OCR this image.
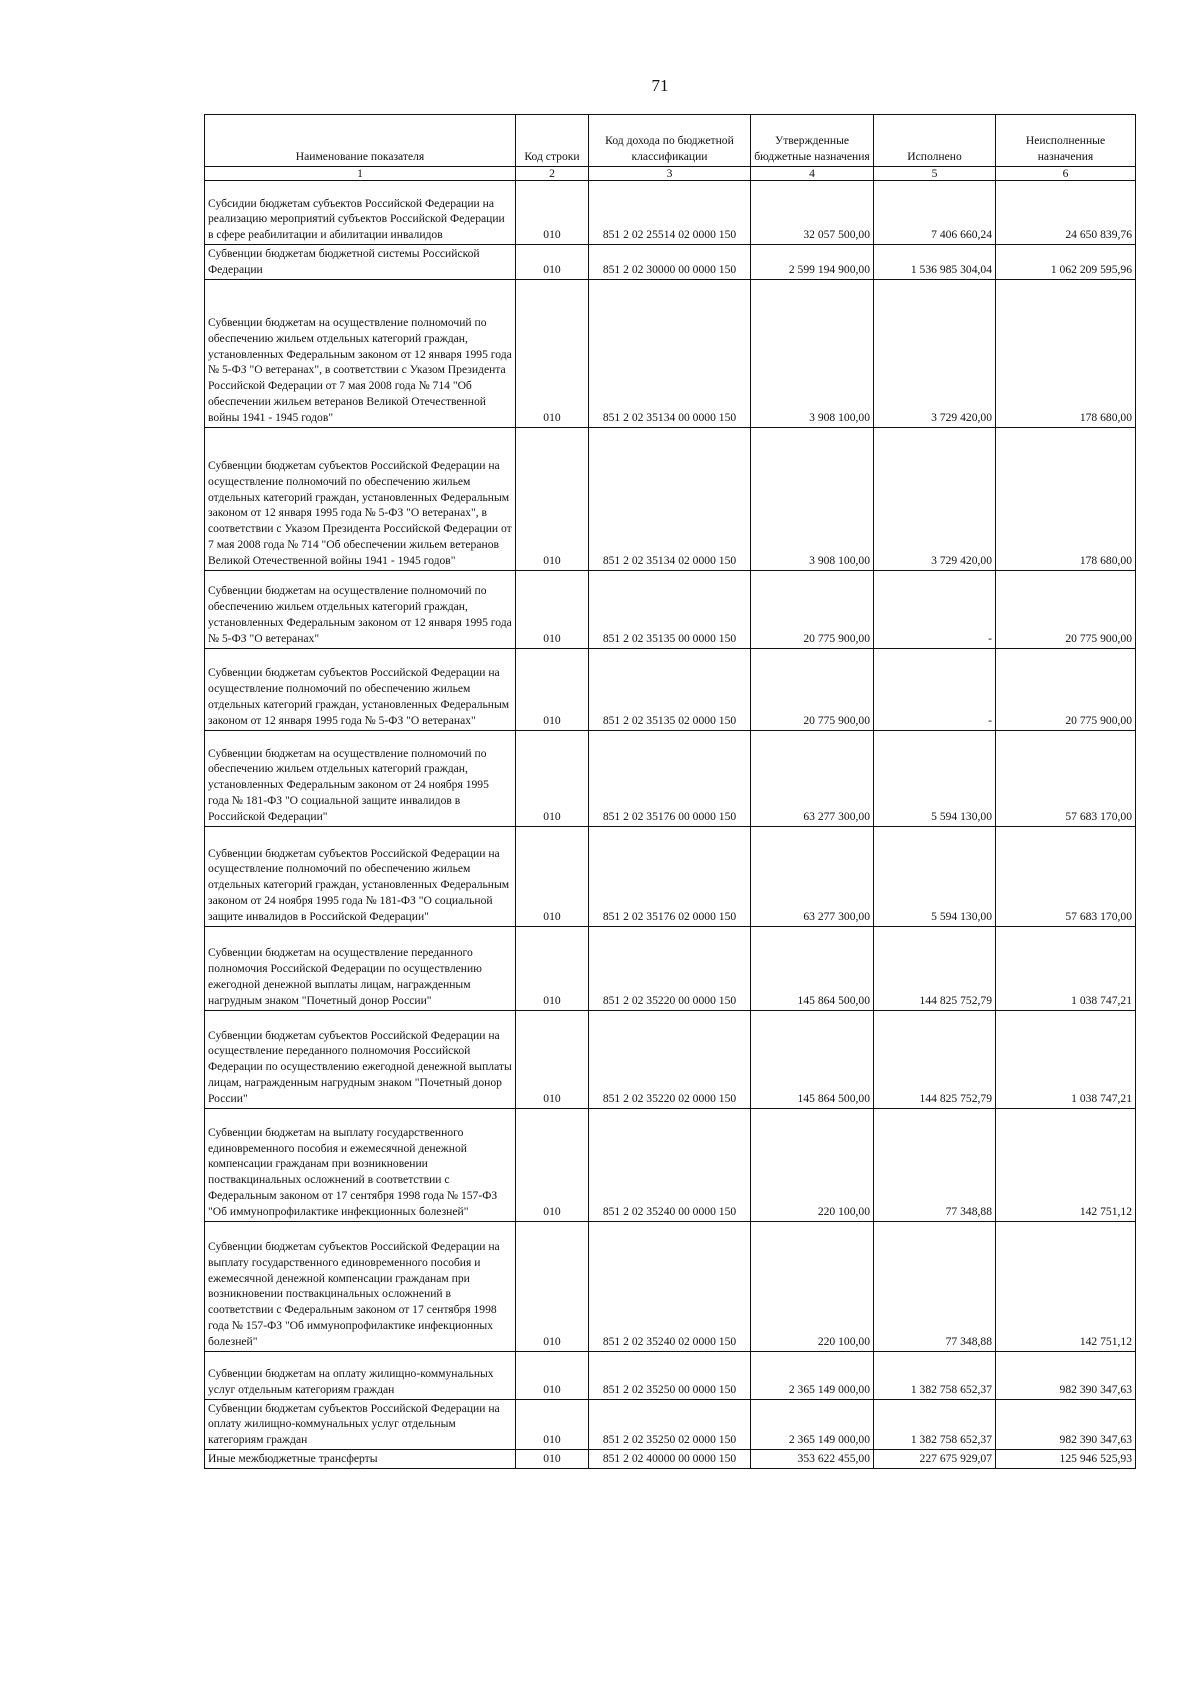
71
Наименование показателя	Код строки	Код дохода по бюджетной классификации	Утвержденные бюджетные назначения	Исполнено	Неисполненные назначения
1	2	3	4	5	6
Субсидии бюджетам субъектов Российской Федерации на реализацию мероприятий субъектов Российской Федерации в сфере реабилитации и абилитации инвалидов	010	851 2 02 25514 02 0000 150	32 057 500,00	7 406 660,24	24 650 839,76
Субвенции бюджетам бюджетной системы Российской Федерации	010	851 2 02 30000 00 0000 150	2 599 194 900,00	1 536 985 304,04	1 062 209 595,96
Субвенции бюджетам на осуществление полномочий по обеспечению жильем отдельных категорий граждан, установленных Федеральным законом от 12 января 1995 года № 5-ФЗ "О ветеранах", в соответствии с Указом Президента Российской Федерации от 7 мая 2008 года № 714 "Об обеспечении жильем ветеранов Великой Отечественной войны 1941 - 1945 годов"	010	851 2 02 35134 00 0000 150	3 908 100,00	3 729 420,00	178 680,00
Субвенции бюджетам субъектов Российской Федерации на осуществление полномочий по обеспечению жильем отдельных категорий граждан, установленных Федеральным законом от 12 января 1995 года № 5-ФЗ "О ветеранах", в соответствии с Указом Президента Российской Федерации от 7 мая 2008 года № 714 "Об обеспечении жильем ветеранов Великой Отечественной войны 1941 - 1945 годов"	010	851 2 02 35134 02 0000 150	3 908 100,00	3 729 420,00	178 680,00
Субвенции бюджетам на осуществление полномочий по обеспечению жильем отдельных категорий граждан, установленных Федеральным законом от 12 января 1995 года № 5-ФЗ "О ветеранах"	010	851 2 02 35135 00 0000 150	20 775 900,00	-	20 775 900,00
Субвенции бюджетам субъектов Российской Федерации на осуществление полномочий по обеспечению жильем отдельных категорий граждан, установленных Федеральным законом от 12 января 1995 года № 5-ФЗ "О ветеранах"	010	851 2 02 35135 02 0000 150	20 775 900,00	-	20 775 900,00
Субвенции бюджетам на осуществление полномочий по обеспечению жильем отдельных категорий граждан, установленных Федеральным законом от 24 ноября 1995 года № 181-ФЗ "О социальной защите инвалидов в Российской Федерации"	010	851 2 02 35176 00 0000 150	63 277 300,00	5 594 130,00	57 683 170,00
Субвенции бюджетам субъектов Российской Федерации на осуществление полномочий по обеспечению жильем отдельных категорий граждан, установленных Федеральным законом от 24 ноября 1995 года № 181-ФЗ "О социальной защите инвалидов в Российской Федерации"	010	851 2 02 35176 02 0000 150	63 277 300,00	5 594 130,00	57 683 170,00
Субвенции бюджетам на осуществление переданного полномочия Российской Федерации по осуществлению ежегодной денежной выплаты лицам, награжденным нагрудным знаком "Почетный донор России"	010	851 2 02 35220 00 0000 150	145 864 500,00	144 825 752,79	1 038 747,21
Субвенции бюджетам субъектов Российской Федерации на осуществление переданного полномочия Российской Федерации по осуществлению ежегодной денежной выплаты лицам, награжденным нагрудным знаком "Почетный донор России"	010	851 2 02 35220 02 0000 150	145 864 500,00	144 825 752,79	1 038 747,21
Субвенции бюджетам на выплату государственного единовременного пособия и ежемесячной денежной компенсации гражданам при возникновении поствакцинальных осложнений в соответствии с Федеральным законом от 17 сентября 1998 года № 157-ФЗ "Об иммунопрофилактике инфекционных болезней"	010	851 2 02 35240 00 0000 150	220 100,00	77 348,88	142 751,12
Субвенции бюджетам субъектов Российской Федерации на выплату государственного единовременного пособия и ежемесячной денежной компенсации гражданам при возникновении поствакцинальных осложнений в соответствии с Федеральным законом от 17 сентября 1998 года № 157-ФЗ "Об иммунопрофилактике инфекционных болезней"	010	851 2 02 35240 02 0000 150	220 100,00	77 348,88	142 751,12
Субвенции бюджетам на оплату жилищно-коммунальных услуг отдельным категориям граждан	010	851 2 02 35250 00 0000 150	2 365 149 000,00	1 382 758 652,37	982 390 347,63
Субвенции бюджетам субъектов Российской Федерации на оплату жилищно-коммунальных услуг отдельным категориям граждан	010	851 2 02 35250 02 0000 150	2 365 149 000,00	1 382 758 652,37	982 390 347,63
Иные межбюджетные трансферты	010	851 2 02 40000 00 0000 150	353 622 455,00	227 675 929,07	125 946 525,93
